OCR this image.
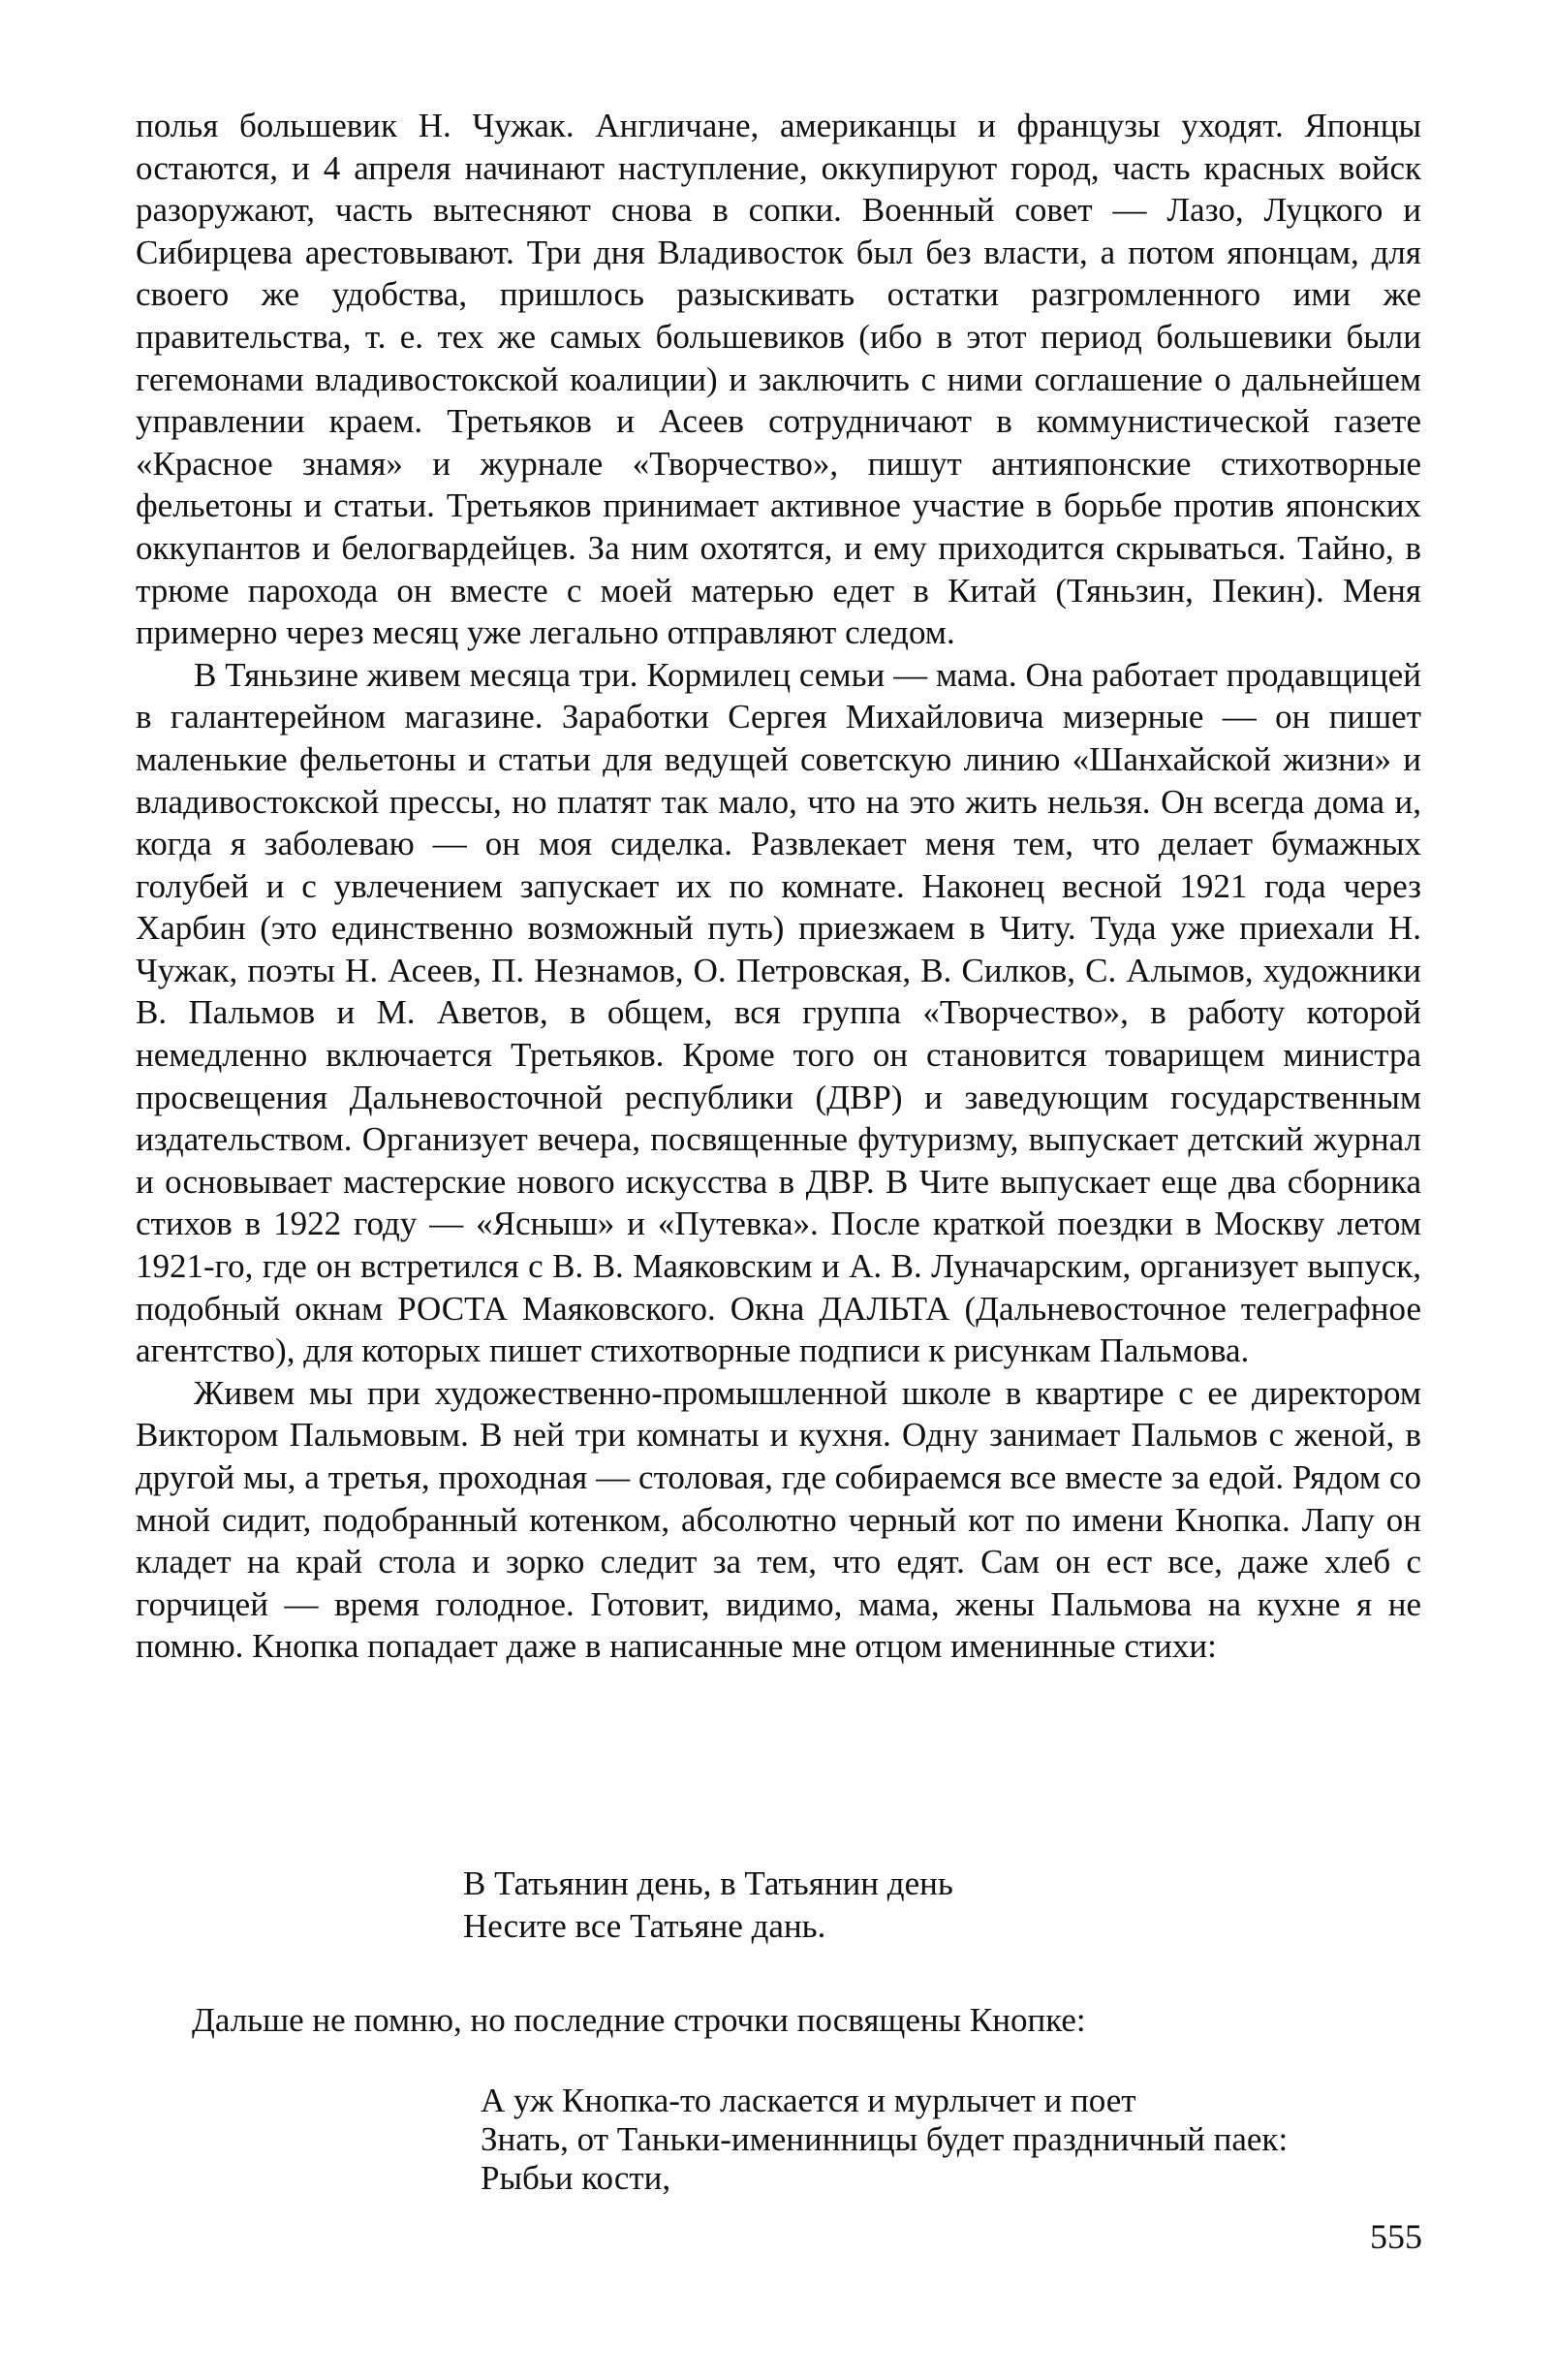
полья большевик Н. Чужак. Англичане, американцы и французы уходят. Японцы остаются, и 4 апреля начинают наступление, оккупируют город, часть красных войск разоружают, часть вытесняют снова в сопки. Военный совет — Лазо, Луцкого и Сибирцева арестовывают. Три дня Владивосток был без власти, а потом японцам, для своего же удобства, пришлось разыскивать остатки разгромленного ими же правительства, т. е. тех же самых большевиков (ибо в этот период большевики были гегемонами владивостокской коалиции) и заключить с ними соглашение о дальнейшем управлении краем. Третьяков и Асеев сотрудничают в коммунистической газете «Красное знамя» и журнале «Творчество», пишут антияпонские стихотворные фельетоны и статьи. Третьяков принимает активное участие в борьбе против японских оккупантов и белогвардейцев. За ним охотятся, и ему приходится скрываться. Тайно, в трюме парохода он вместе с моей матерью едет в Китай (Тяньзин, Пекин). Меня примерно через месяц уже легально отправляют следом.

В Тяньзине живем месяца три. Кормилец семьи — мама. Она работает продавщицей в галантерейном магазине. Заработки Сергея Михайловича мизерные — он пишет маленькие фельетоны и статьи для ведущей советскую линию «Шанхайской жизни» и владивостокской прессы, но платят так мало, что на это жить нельзя. Он всегда дома и, когда я заболеваю — он моя сиделка. Развлекает меня тем, что делает бумажных голубей и с увлечением запускает их по комнате. Наконец весной 1921 года через Харбин (это единственно возможный путь) приезжаем в Читу. Туда уже приехали Н. Чужак, поэты Н. Асеев, П. Незнамов, О. Петровская, В. Силков, С. Алымов, художники В. Пальмов и М. Аветов, в общем, вся группа «Творчество», в работу которой немедленно включается Третьяков. Кроме того он становится товарищем министра просвещения Дальневосточной республики (ДВР) и заведующим государственным издательством. Организует вечера, посвященные футуризму, выпускает детский журнал и основывает мастерские нового искусства в ДВР. В Чите выпускает еще два сборника стихов в 1922 году — «Ясныш» и «Путевка». После краткой поездки в Москву летом 1921-го, где он встретился с В. В. Маяковским и А. В. Луначарским, организует выпуск, подобный окнам РОСТА Маяковского. Окна ДАЛЬТА (Дальневосточное телеграфное агентство), для которых пишет стихотворные подписи к рисункам Пальмова.

Живем мы при художественно-промышленной школе в квартире с ее директором Виктором Пальмовым. В ней три комнаты и кухня. Одну занимает Пальмов с женой, в другой мы, а третья, проходная — столовая, где собираемся все вместе за едой. Рядом со мной сидит, подобранный котенком, абсолютно черный кот по имени Кнопка. Лапу он кладет на край стола и зорко следит за тем, что едят. Сам он ест все, даже хлеб с горчицей — время голодное. Готовит, видимо, мама, жены Пальмова на кухне я не помню. Кнопка попадает даже в написанные мне отцом именинные стихи:

В Татьянин день, в Татьянин день
Несите все Татьяне дань.
Дальше не помню, но последние строчки посвящены Кнопке:
А уж Кнопка-то ласкается и мурлычет и поет
Знать, от Таньки-именинницы будет праздничный паек:
Рыбьи кости,
555
